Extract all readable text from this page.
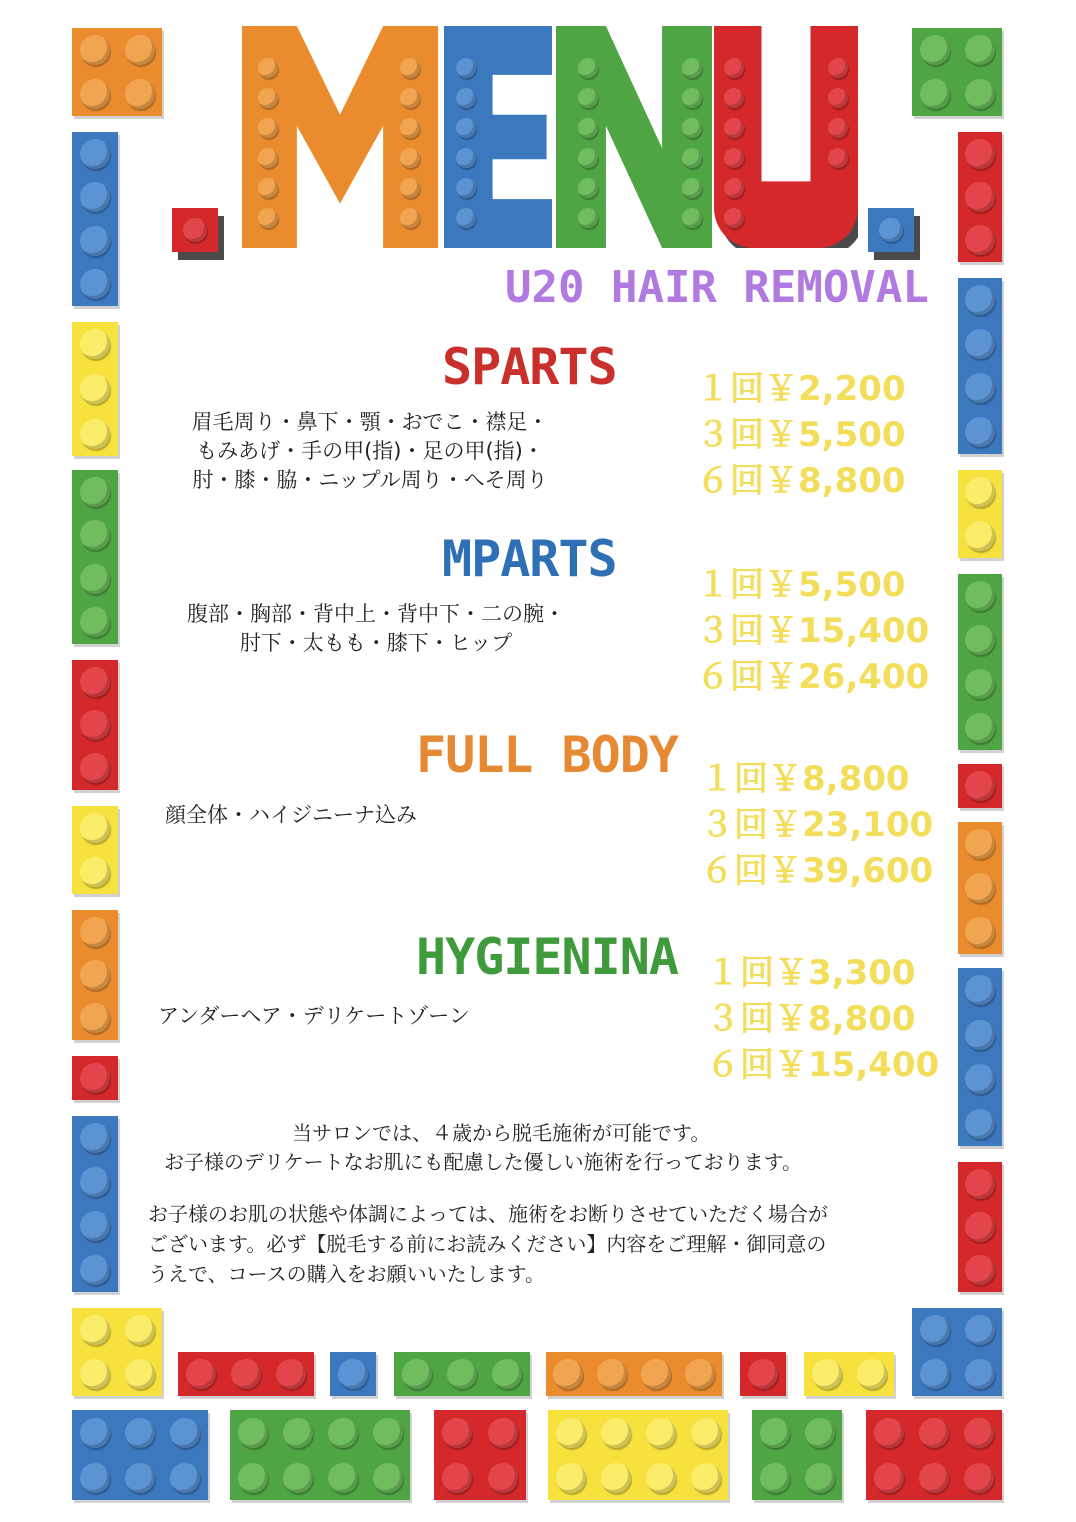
U20 HAIR REMOVAL
SPARTS
眉毛周り・鼻下・顎・おでこ・襟足・
もみあげ・手の甲(指)・足の甲(指)・
肘・膝・脇・ニップル周り・へそ周り
１回￥2,200
３回￥5,500
６回￥8,800
MPARTS
腹部・胸部・背中上・背中下・二の腕・
肘下・太もも・膝下・ヒップ
１回￥5,500
３回￥15,400
６回￥26,400
FULL BODY
顔全体・ハイジニーナ込み
１回￥8,800
３回￥23,100
６回￥39,600
HYGIENINA
アンダーヘア・デリケートゾーン
１回￥3,300
３回￥8,800
６回￥15,400
当サロンでは、４歳から脱毛施術が可能です。
お子様のデリケートなお肌にも配慮した優しい施術を行っております。
お子様のお肌の状態や体調によっては、施術をお断りさせていただく場合が
ございます。必ず【脱毛する前にお読みください】内容をご理解・御同意の
うえで、コースの購入をお願いいたします。
